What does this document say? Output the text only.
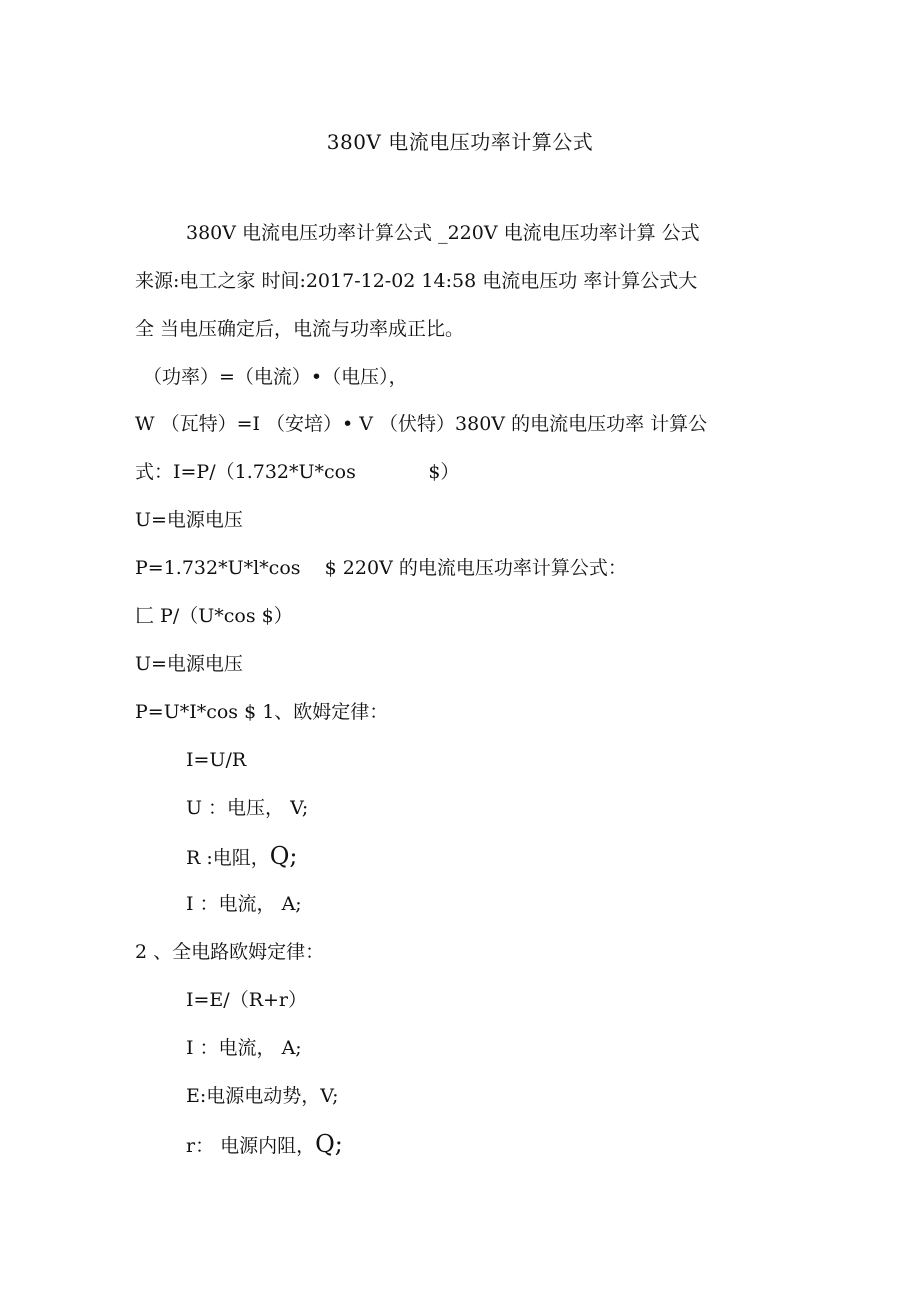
380V 电流电压功率计算公式
380V 电流电压功率计算公式 _220V 电流电压功率计算 公式
来源:电工之家 时间:2017-12-02 14:58 电流电压功 率计算公式大
全 当电压确定后，电流与功率成正比。
（功率）=（电流）•（电压），
W （瓦特）=I （安培）• V （伏特）380V 的电流电压功率 计算公
式：I=P/（1.732*U*cos            $）
U=电源电压
P=1.732*U*l*cos    $ 220V 的电流电压功率计算公式：
匚 P/（U*cos $）
U=电源电压
P=U*I*cos $ 1、欧姆定律：
I=U/R
U ：电压， V;
R :电阻，Q;
I ：电流， A;
2 、全电路欧姆定律：
I=E/（R+r）
I ：电流， A;
E:电源电动势，V;
r： 电源内阻，Q;
